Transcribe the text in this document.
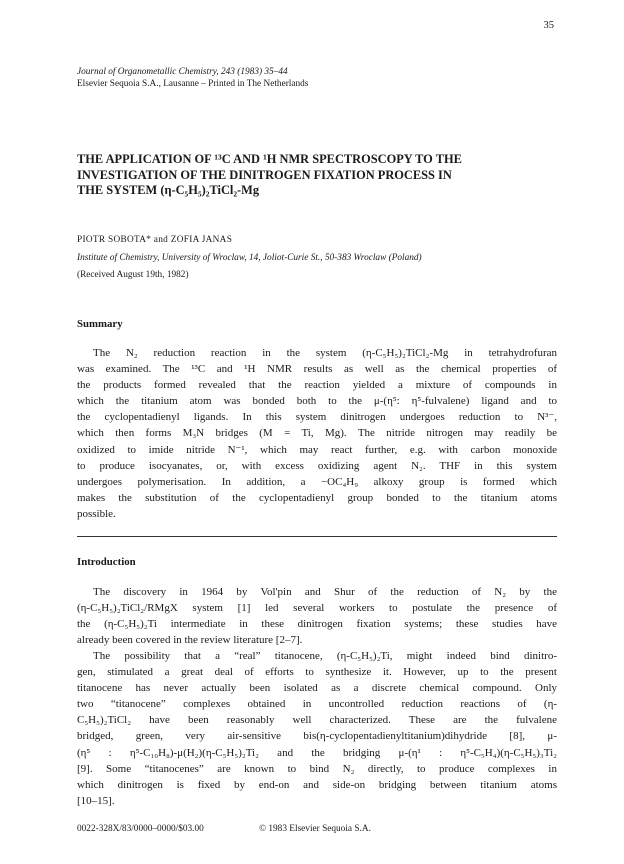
35
Journal of Organometallic Chemistry, 243 (1983) 35–44
Elsevier Sequoia S.A., Lausanne – Printed in The Netherlands
THE APPLICATION OF ¹³C AND ¹H NMR SPECTROSCOPY TO THE
INVESTIGATION OF THE DINITROGEN FIXATION PROCESS IN
THE SYSTEM (η-C₅H₅)₂TiCl₂-Mg
PIOTR SOBOTA* and ZOFIA JANAS
Institute of Chemistry, University of Wroclaw, 14, Joliot-Curie St., 50-383 Wroclaw (Poland)
(Received August 19th, 1982)
Summary
The N₂ reduction reaction in the system (η-C₅H₅)₂TiCl₂-Mg in tetrahydrofuran
was examined. The ¹³C and ¹H NMR results as well as the chemical properties of
the products formed revealed that the reaction yielded a mixture of compounds in
which the titanium atom was bonded both to the μ-(η⁵: η⁵-fulvalene) ligand and to
the cyclopentadienyl ligands. In this system dinitrogen undergoes reduction to N³⁻,
which then forms M₃N bridges (M = Ti, Mg). The nitride nitrogen may readily be
oxidized to imide nitride N⁻¹, which may react further, e.g. with carbon monoxide
to produce isocyanates, or, with excess oxidizing agent N₂. THF in this system
undergoes polymerisation. In addition, a −OC₄H₉ alkoxy group is formed which
makes the substitution of the cyclopentadienyl group bonded to the titanium atoms
possible.
Introduction
The discovery in 1964 by Vol'pin and Shur of the reduction of N₂ by the
(η-C₅H₅)₂TiCl₂/RMgX system [1] led several workers to postulate the presence of
the (η-C₅H₅)₂Ti intermediate in these dinitrogen fixation systems; these studies have
already been covered in the review literature [2–7].
The possibility that a “real” titanocene, (η-C₅H₅)₂Ti, might indeed bind dinitro-
gen, stimulated a great deal of efforts to synthesize it. However, up to the present
titanocene has never actually been isolated as a discrete chemical compound. Only
two “titanocene” complexes obtained in uncontrolled reduction reactions of (η-
C₅H₅)₂TiCl₂ have been reasonably well characterized. These are the fulvalene
bridged, green, very air-sensitive bis(η-cyclopentadienyltitanium)dihydride [8], μ-
(η⁵ : η⁵-C₁₀H₈)-μ(H₂)(η-C₅H₅)₂Ti₂ and the bridging μ-(η¹ : η⁵-C₅H₄)(η-C₅H₅)₃Ti₂
[9]. Some “titanocenes” are known to bind N₂ directly, to produce complexes in
which dinitrogen is fixed by end-on and side-on bridging between titanium atoms
[10–15].
0022-328X/83/0000–0000/$03.00	© 1983 Elsevier Sequoia S.A.
